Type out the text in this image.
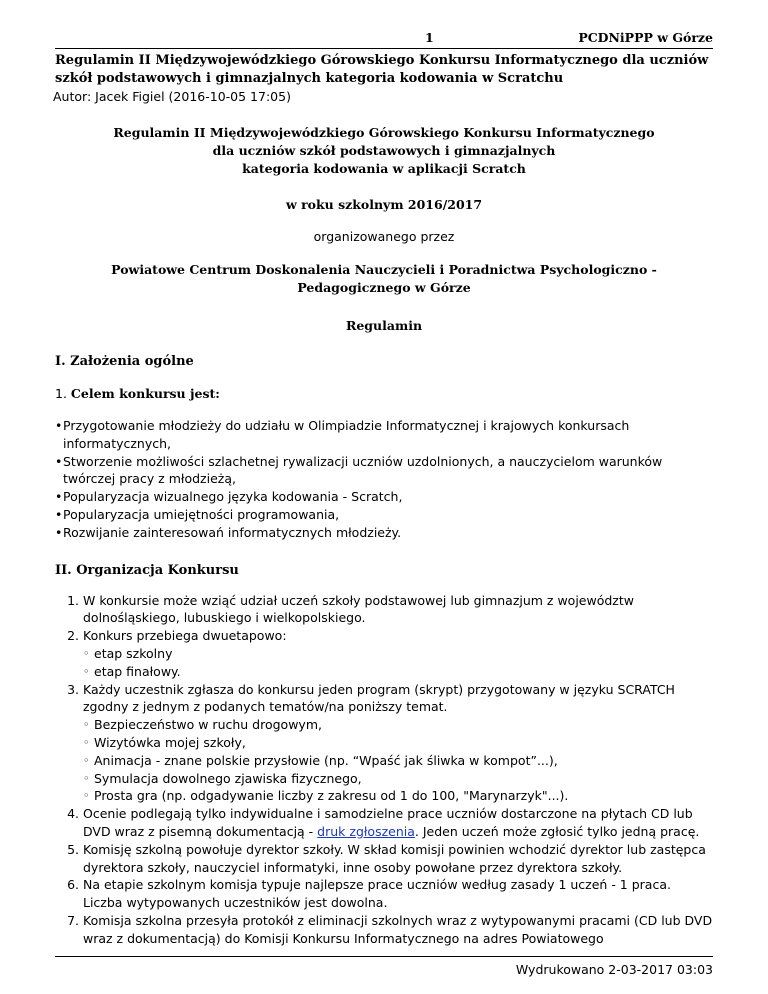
1	PCDNiPPP w Górze

Regulamin II Międzywojewódzkiego Górowskiego Konkursu Informatycznego dla uczniów szkół podstawowych i gimnazjalnych kategoria kodowania w Scratchu

Autor: Jacek Figiel (2016-10-05 17:05)

Regulamin II Międzywojewódzkiego Górowskiego Konkursu Informatycznego
dla uczniów szkół podstawowych i gimnazjalnych
kategoria kodowania w aplikacji Scratch
w roku szkolnym 2016/2017
organizowanego przez
Powiatowe Centrum Doskonalenia Nauczycieli i Poradnictwa Psychologiczno -
Pedagogicznego w Górze
Regulamin
I. Założenia ogólne
1. Celem konkursu jest:
• Przygotowanie młodzieży do udziału w Olimpiadzie Informatycznej i krajowych konkursach informatycznych,
• Stworzenie możliwości szlachetnej rywalizacji uczniów uzdolnionych, a nauczycielom warunków twórczej pracy z młodzieżą,
• Popularyzacja wizualnego języka kodowania - Scratch,
• Popularyzacja umiejętności programowania,
• Rozwijanie zainteresowań informatycznych młodzieży.
II. Organizacja Konkursu
1. W konkursie może wziąć udział uczeń szkoły podstawowej lub gimnazjum z województw dolnośląskiego, lubuskiego i wielkopolskiego.
2. Konkurs przebiega dwuetapowo:
◦ etap szkolny
◦ etap finałowy.
3. Każdy uczestnik zgłasza do konkursu jeden program (skrypt) przygotowany w języku SCRATCH zgodny z jednym z podanych tematów/na poniższy temat.
◦ Bezpieczeństwo w ruchu drogowym,
◦ Wizytówka mojej szkoły,
◦ Animacja - znane polskie przysłowie (np. “Wpaść jak śliwka w kompot”...),
◦ Symulacja dowolnego zjawiska fizycznego,
◦ Prosta gra (np. odgadywanie liczby z zakresu od 1 do 100, "Marynarzyk"...).
4. Ocenie podlegają tylko indywidualne i samodzielne prace uczniów dostarczone na płytach CD lub DVD wraz z pisemną dokumentacją - druk zgłoszenia. Jeden uczeń może zgłosić tylko jedną pracę.
5. Komisję szkolną powołuje dyrektor szkoły. W skład komisji powinien wchodzić dyrektor lub zastępca dyrektora szkoły, nauczyciel informatyki, inne osoby powołane przez dyrektora szkoły.
6. Na etapie szkolnym komisja typuje najlepsze prace uczniów według zasady 1 uczeń - 1 praca. Liczba wytypowanych uczestników jest dowolna.
7. Komisja szkolna przesyła protokół z eliminacji szkolnych wraz z wytypowanymi pracami (CD lub DVD wraz z dokumentacją) do Komisji Konkursu Informatycznego na adres Powiatowego
Wydrukowano 2-03-2017 03:03
